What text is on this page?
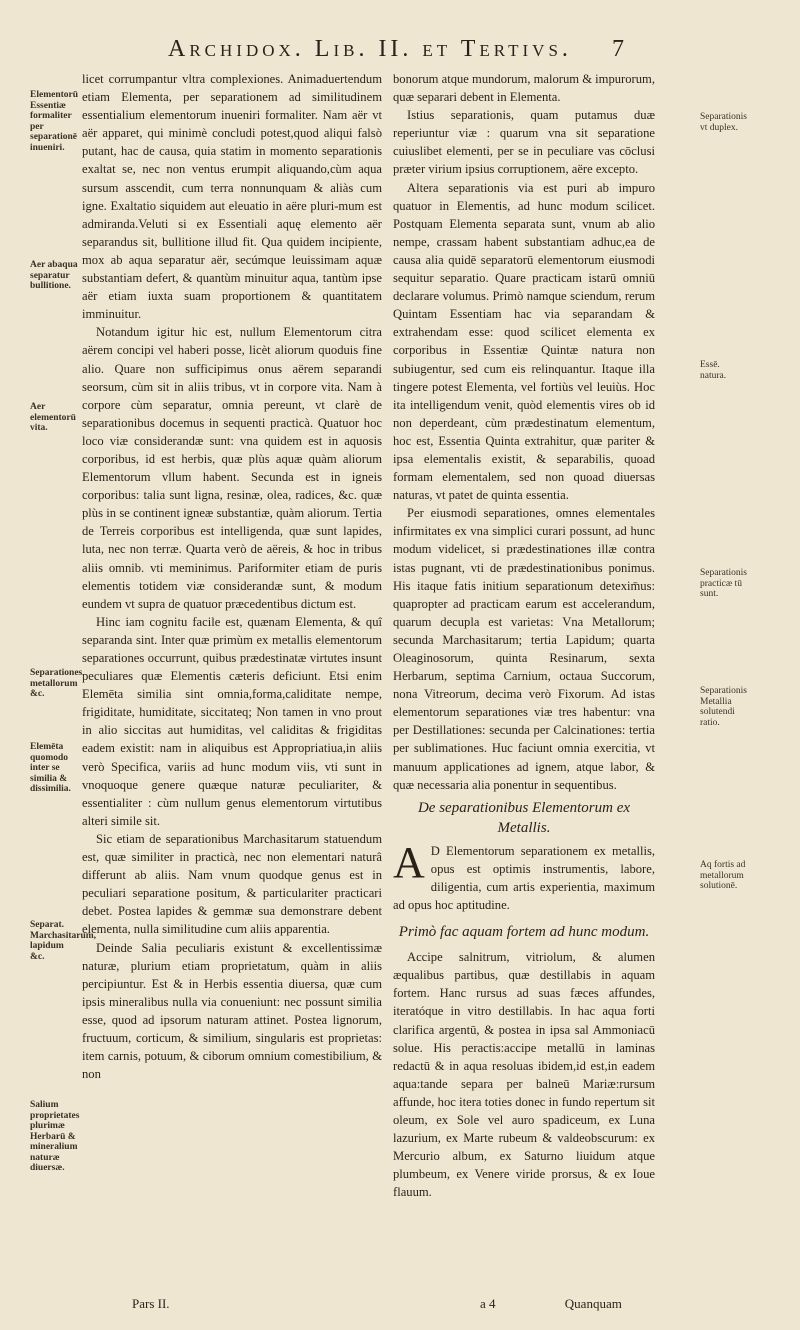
Archidox. Lib. II. et Tertivs. 7
Elementorū Essentiæ formaliter per separationē inueniri.
Aer abaqua separatur bullitione.
Aer elementorū vita.
Separationes metallorum &c.
Elemēta quomodo inter se similia & dissimilia.
Separat. Marchasitarum, lapidum &c.
Salium proprietates plurimæ Herbarū & mineralium naturæ diuersæ.
Separationis vt duplex.
Essē. natura.
Separationis practicæ tū sunt.
Separationis Metallia solutendi ratio.
Aq fortis ad metallorum solutionē.

licet corrumpantur vltra complexiones. Animaduertendum etiam Elementa, per separationem ad similitudinem essentialium elementorum inueniri formaliter. Nam aër vt aër apparet, qui minimè concludi potest,quod aliqui falsò putant, hac de causa, quia statim in momento separationis exaltat se, nec non ventus erumpit aliquando,cùm aqua sursum asscendit, cum terra nonnunquam & aliàs cum igne. Exaltatio siquidem aut eleuatio in aëre pluri-mum est admiranda.Veluti si ex Essentiali aquę elemento aër separandus sit, bullitione illud fit. Qua quidem incipiente, mox ab aqua separatur aër, secúmque leuissimam aquæ substantiam defert, & quantùm minuitur aqua, tantùm ipse aër etiam iuxta suam proportionem & quantitatem imminuitur.

Notandum igitur hic est, nullum Elementorum citra aërem concipi vel haberi posse, licèt aliorum quoduis fine alio. Quare non sufficipimus onus aërem separandi seorsum, cùm sit in aliis tribus, vt in corpore vita. Nam à corpore cùm separatur, omnia pereunt, vt clarè de separationibus docemus in sequenti practicà. Quatuor hoc loco viæ considerandæ sunt: vna quidem est in aquosis corporibus, id est herbis, quæ plùs aquæ quàm aliorum Elementorum vllum habent. Secunda est in igneis corporibus: talia sunt ligna, resinæ, olea, radices, &c. quæ plùs in se continent igneæ substantiæ, quàm aliorum. Tertia de Terreis corporibus est intelligenda, quæ sunt lapides, luta, nec non terræ. Quarta verò de aëreis, & hoc in tribus aliis omnib. vti meminimus. Pariformiter etiam de puris elementis totidem viæ considerandæ sunt, & modum eundem vt supra de quatuor præcedentibus dictum est.

Hinc iam cognitu facile est, quænam Elementa, & quî separanda sint. Inter quæ primùm ex metallis elementorum separationes occurrunt, quibus prædestinatæ virtutes insunt peculiares quæ Elementis cæteris deficiunt. Etsi enim Elemēta similia sint omnia,forma,caliditate nempe, frigiditate, humiditate, siccitateq; Non tamen in vno prout in alio siccitas aut humiditas, vel caliditas & frigiditas eadem existit: nam in aliquibus est Appropriatiua,in aliis verò Specifica, variis ad hunc modum viis, vti sunt in vnoquoque genere quæque naturæ peculiariter, & essentialiter : cùm nullum genus elementorum virtutibus alteri simile sit.

Sic etiam de separationibus Marchasitarum statuendum est, quæ similiter in practicà, nec non elementari naturâ differunt ab aliis. Nam vnum quodque genus est in peculiari separatione positum, & particulariter practicari debet. Postea lapides & gemmæ sua demonstrare debent elementa, nulla similitudine cum aliis apparentia.

Deinde Salia peculiaris existunt & excellentissimæ naturæ, plurium etiam proprietatum, quàm in aliis percipiuntur. Est & in Herbis essentia diuersa, quæ cum ipsis mineralibus nulla via conueniunt: nec possunt similia esse, quod ad ipsorum naturam attinet. Postea lignorum, fructuum, corticum, & similium, singularis est proprietas: item carnis, potuum, & ciborum omnium comestibilium, & non

bonorum atque mundorum, malorum & impurorum, quæ separari debent in Elementa.

Istius separationis, quam putamus duæ reperiuntur viæ : quarum vna sit separatione cuiuslibet elementi, per se in peculiare vas cōclusi præter virium ipsius corruptionem, aëre excepto.

Altera separationis via est puri ab impuro quatuor in Elementis, ad hunc modum scilicet. Postquam Elementa separata sunt, vnum ab alio nempe, crassam habent substantiam adhuc,ea de causa alia quidē separatorū elementorum eiusmodi sequitur separatio. Quare practicam istarū omniū declarare volumus. Primò namque sciendum, rerum Quintam Essentiam hac via separandam & extrahendam esse: quod scilicet elementa ex corporibus in Essentiæ Quintæ natura non subiugentur, sed cum eis relinquantur. Itaque illa tingere potest Elementa, vel fortiùs vel leuiùs. Hoc ita intelligendum venit, quòd elementis vires ob id non deperdeant, cùm prædestinatum elementum, hoc est, Essentia Quinta extrahitur, quæ pariter & ipsa elementalis existit, & separabilis, quoad formam elementalem, sed non quoad diuersas naturas, vt patet de quinta essentia.

Per eiusmodi separationes, omnes elementales infirmitates ex vna simplici curari possunt, ad hunc modum videlicet, si prædestinationes illæ contra istas pugnant, vti de prædestinationibus ponimus. His itaque fatis initium separationum detexim̄us: quapropter ad practicam earum est accelerandum, quarum decupla est varietas: Vna Metallorum; secunda Marchasitarum; tertia Lapidum; quarta Oleaginosorum, quinta Resinarum, sexta Herbarum, septima Carnium, octaua Succorum, nona Vitreorum, decima verò Fixorum. Ad istas elementorum separationes viæ tres habentur: vna per Destillationes: secunda per Calcinationes: tertia per sublimationes. Huc faciunt omnia exercitia, vt manuum applicationes ad ignem, atque labor, & quæ necessaria alia ponentur in sequentibus.

De separationibus Elementorum ex Metallis.

A D Elementorum separationem ex metallis, opus est optimis instrumentis, labore, diligentia, cum artis experientia, maximum ad opus hoc aptitudine.

Primò fac aquam fortem ad hunc modum.

Accipe salnitrum, vitriolum, & alumen æqualibus partibus, quæ destillabis in aquam fortem. Hanc rursus ad suas fæces affundes, iteratóque in vitro destillabis. In hac aqua forti clarifica argentū, & postea in ipsa sal Ammoniacū solue. His peractis:accipe metallū in laminas redactū & in aqua resoluas ibidem,id est,in eadem aqua:tande separa per balneū Mariæ:rursum affunde, hoc itera toties donec in fundo repertum sit oleum, ex Sole vel auro spadiceum, ex Luna lazurium, ex Marte rubeum & valdeobscurum: ex Mercurio album, ex Saturno liuidum atque plumbeum, ex Venere viride prorsus, & ex Ioue flauum.

Pars II.	a 4	Quanquam
